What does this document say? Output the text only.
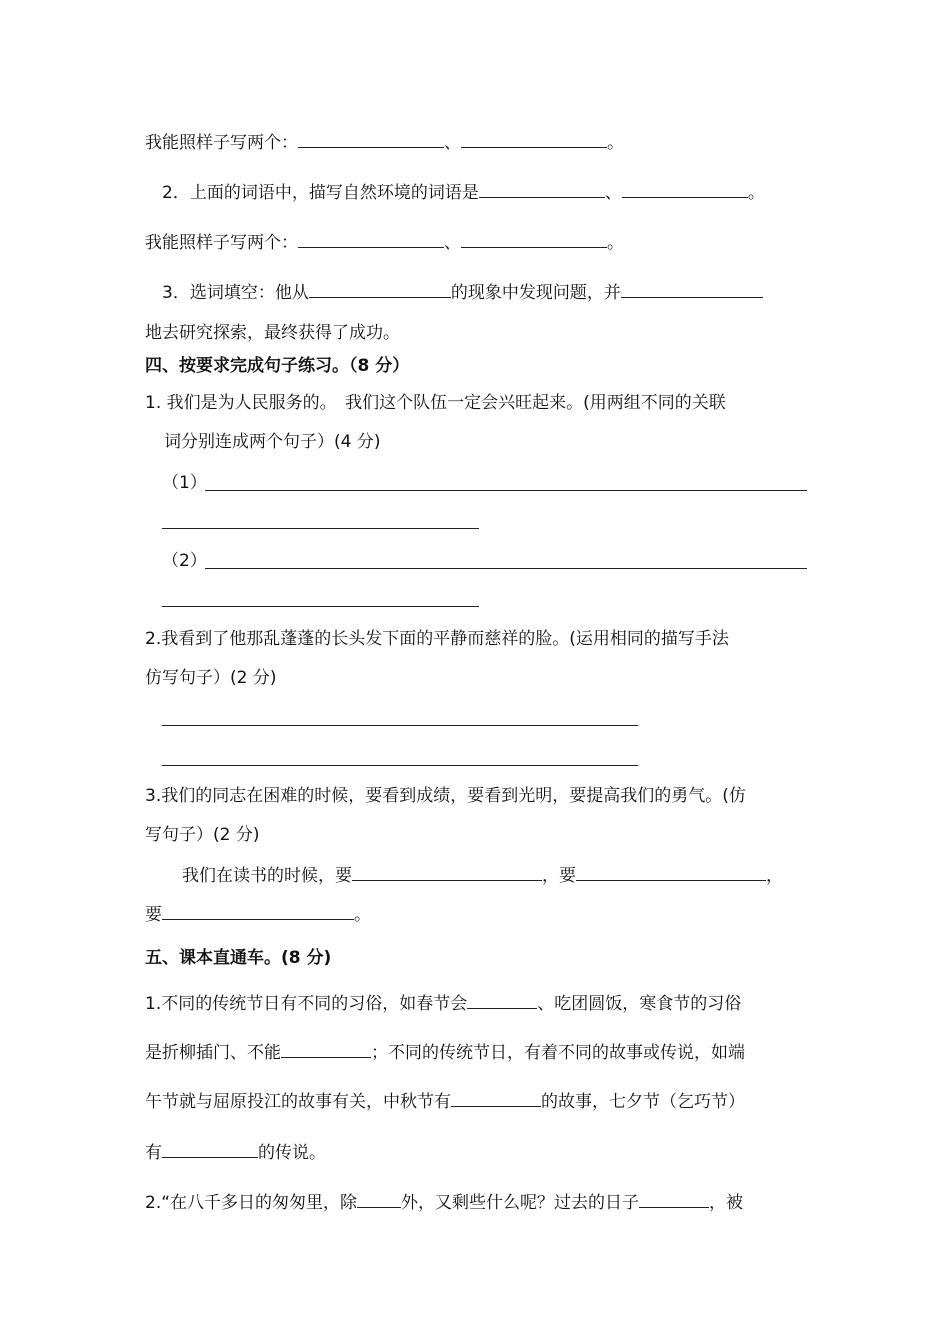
我能照样子写两个：	、	。
2．上面的词语中，描写自然环境的词语是	、	。
我能照样子写两个：	、	。
3．选词填空：他从	的现象中发现问题，并
地去研究探索，最终获得了成功。
四、按要求完成句子练习。（8 分）
1. 我们是为人民服务的。　我们这个队伍一定会兴旺起来。(用两组不同的关联
词分别连成两个句子）(4 分)
（1）
（2）
2.我看到了他那乱蓬蓬的长头发下面的平静而慈祥的脸。(运用相同的描写手法
仿写句子）(2 分)
3.我们的同志在困难的时候，要看到成绩，要看到光明，要提高我们的勇气。(仿
写句子）(2 分)
我们在读书的时候，要	，要	，
要	。
五、课本直通车。(8 分)
1.不同的传统节日有不同的习俗，如春节会	、吃团圆饭，寒食节的习俗
是折柳插门、不能	；不同的传统节日，有着不同的故事或传说，如端
午节就与屈原投江的故事有关，中秋节有	的故事，七夕节（乞巧节）
有	的传说。
2.“在八千多日的匆匆里，除	外，又剩些什么呢？过去的日子	，被
